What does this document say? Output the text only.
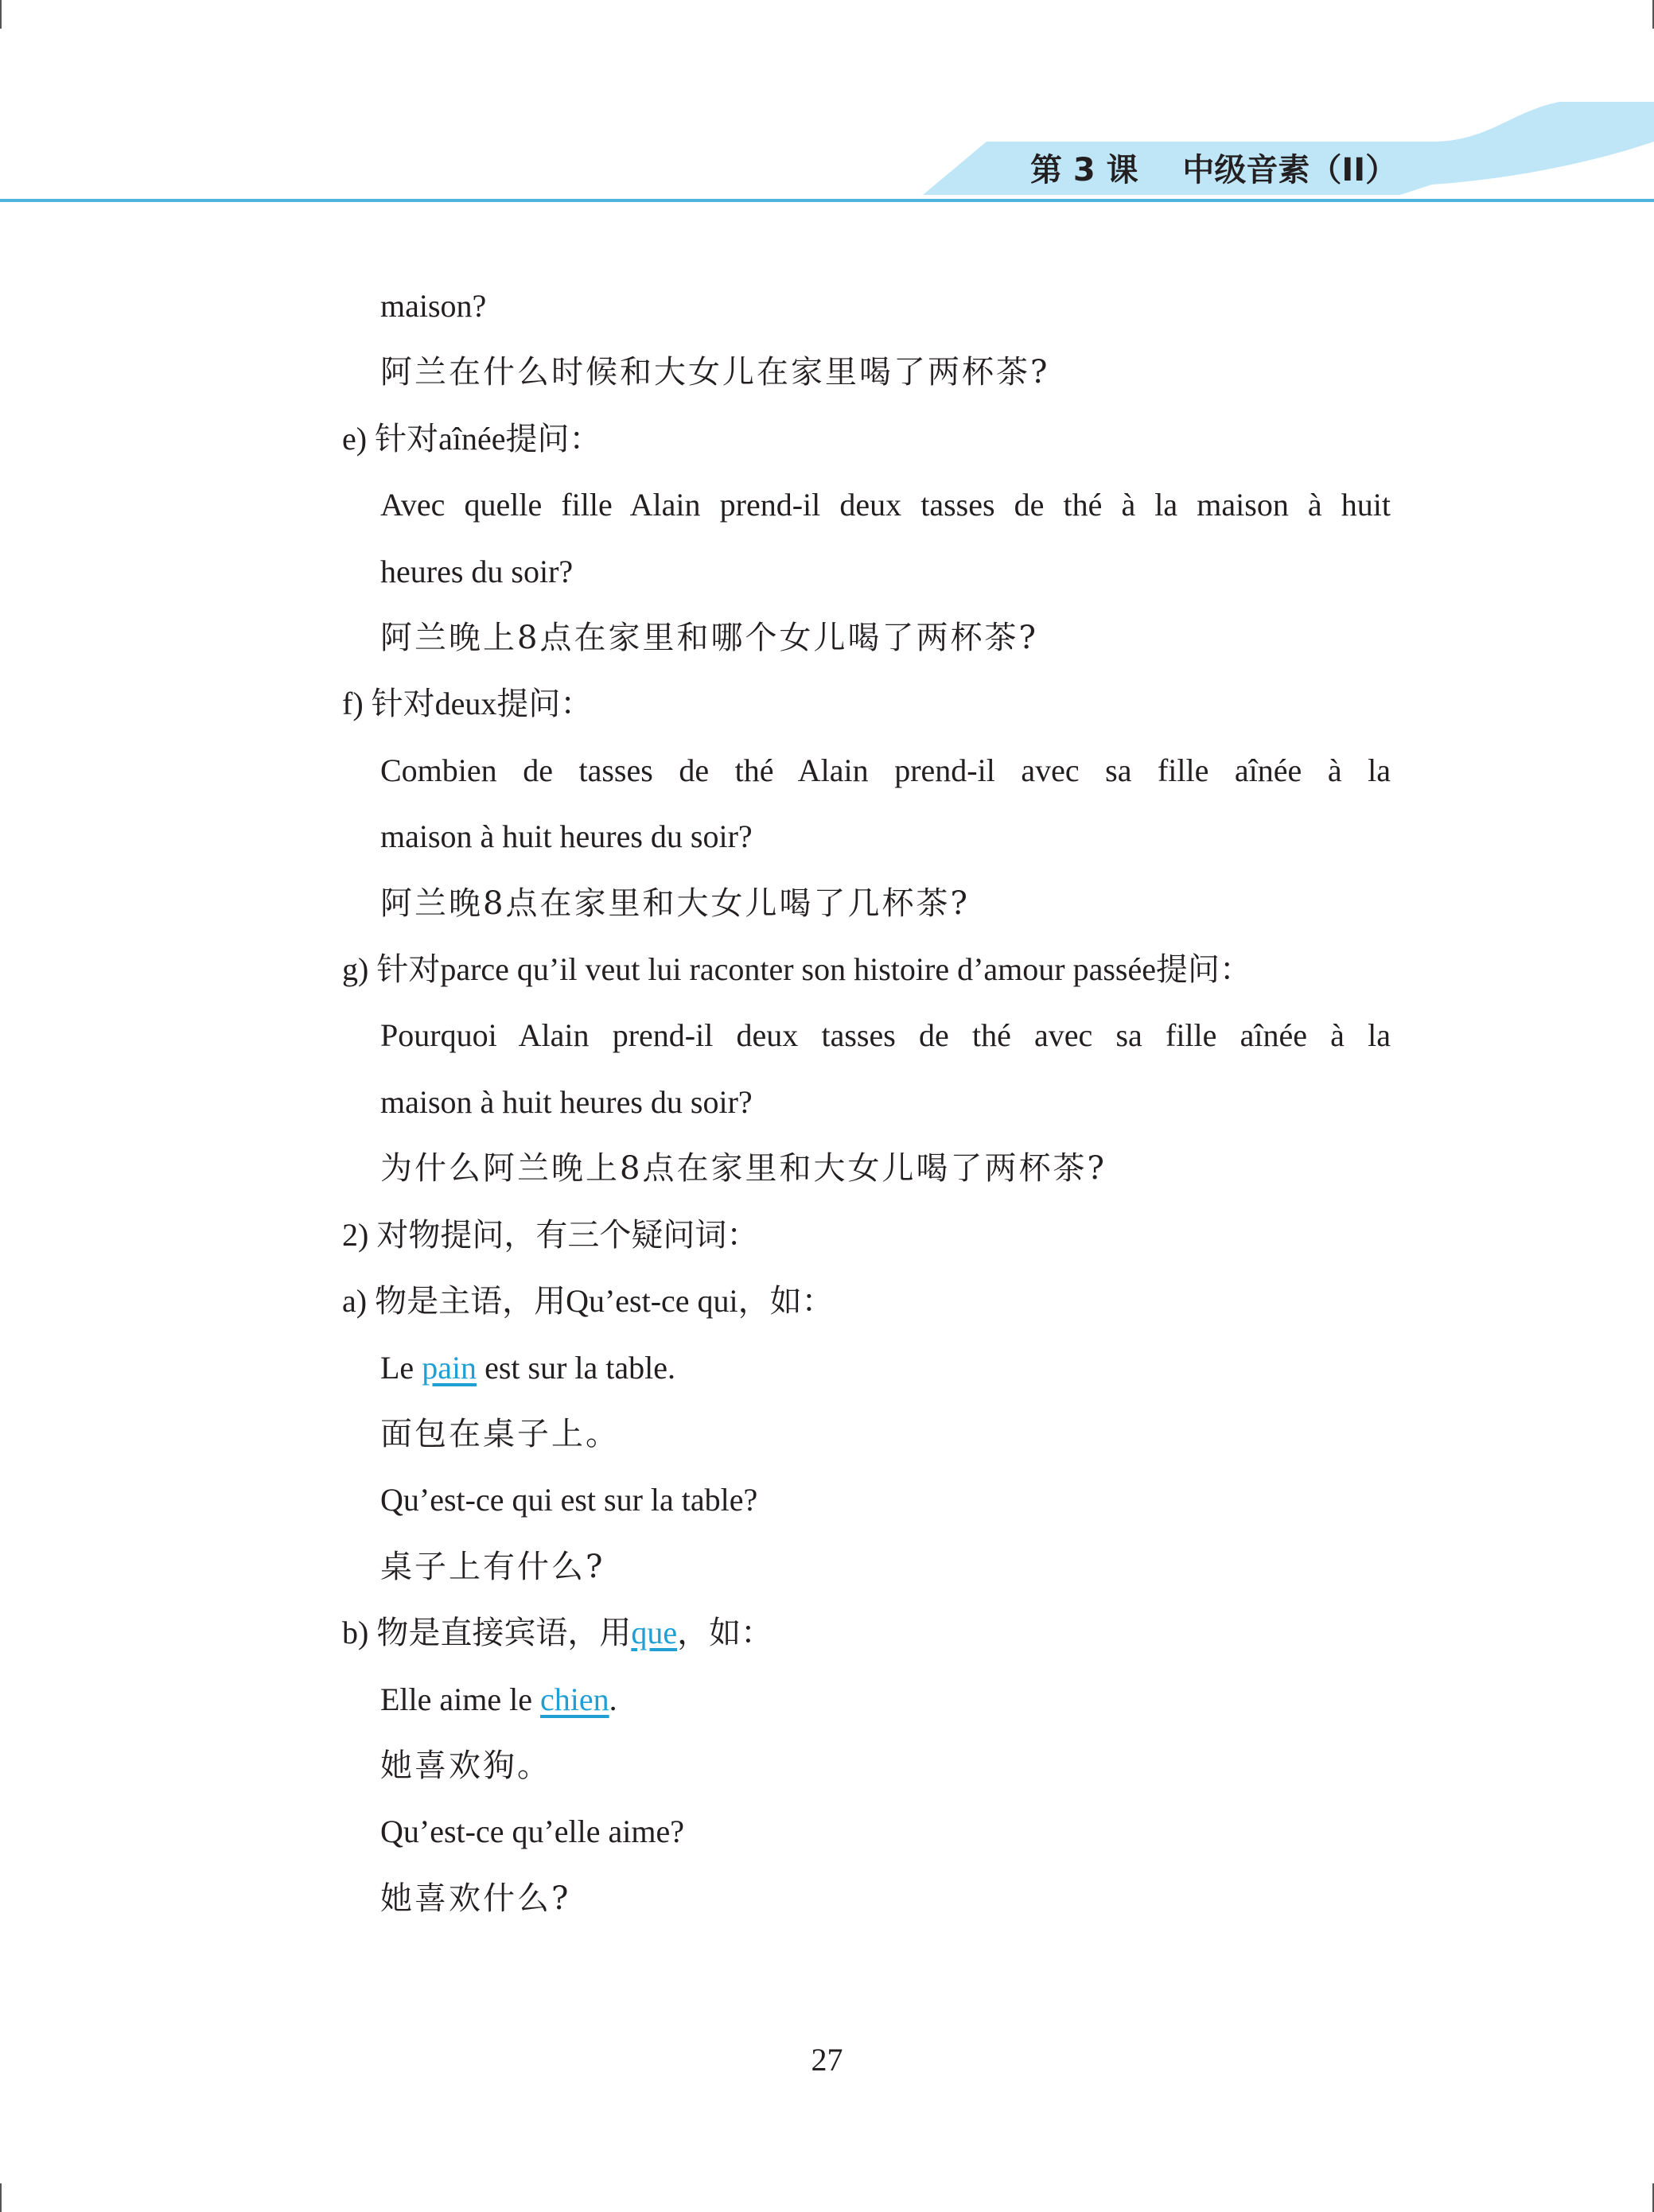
第 3 课    中级音素（II）
maison?
阿兰在什么时候和大女儿在家里喝了两杯茶?
e) 针对aînée提问：
Avec quelle fille Alain prend-il deux tasses de thé à la maison à huit
heures du soir?
阿兰晚上8点在家里和哪个女儿喝了两杯茶?
f) 针对deux提问：
Combien de tasses de thé Alain prend-il avec sa fille aînée à la
maison à huit heures du soir?
阿兰晚8点在家里和大女儿喝了几杯茶?
g) 针对parce qu’il veut lui raconter son histoire d’amour passée提问：
Pourquoi Alain prend-il deux tasses de thé avec sa fille aînée à la
maison à huit heures du soir?
为什么阿兰晚上8点在家里和大女儿喝了两杯茶?
2) 对物提问，有三个疑问词：
a) 物是主语，用Qu’est-ce qui，如：
Le pain est sur la table.
面包在桌子上。
Qu’est-ce qui est sur la table?
桌子上有什么?
b) 物是直接宾语，用que，如：
Elle aime le chien.
她喜欢狗。
Qu’est-ce qu’elle aime?
她喜欢什么?
27
